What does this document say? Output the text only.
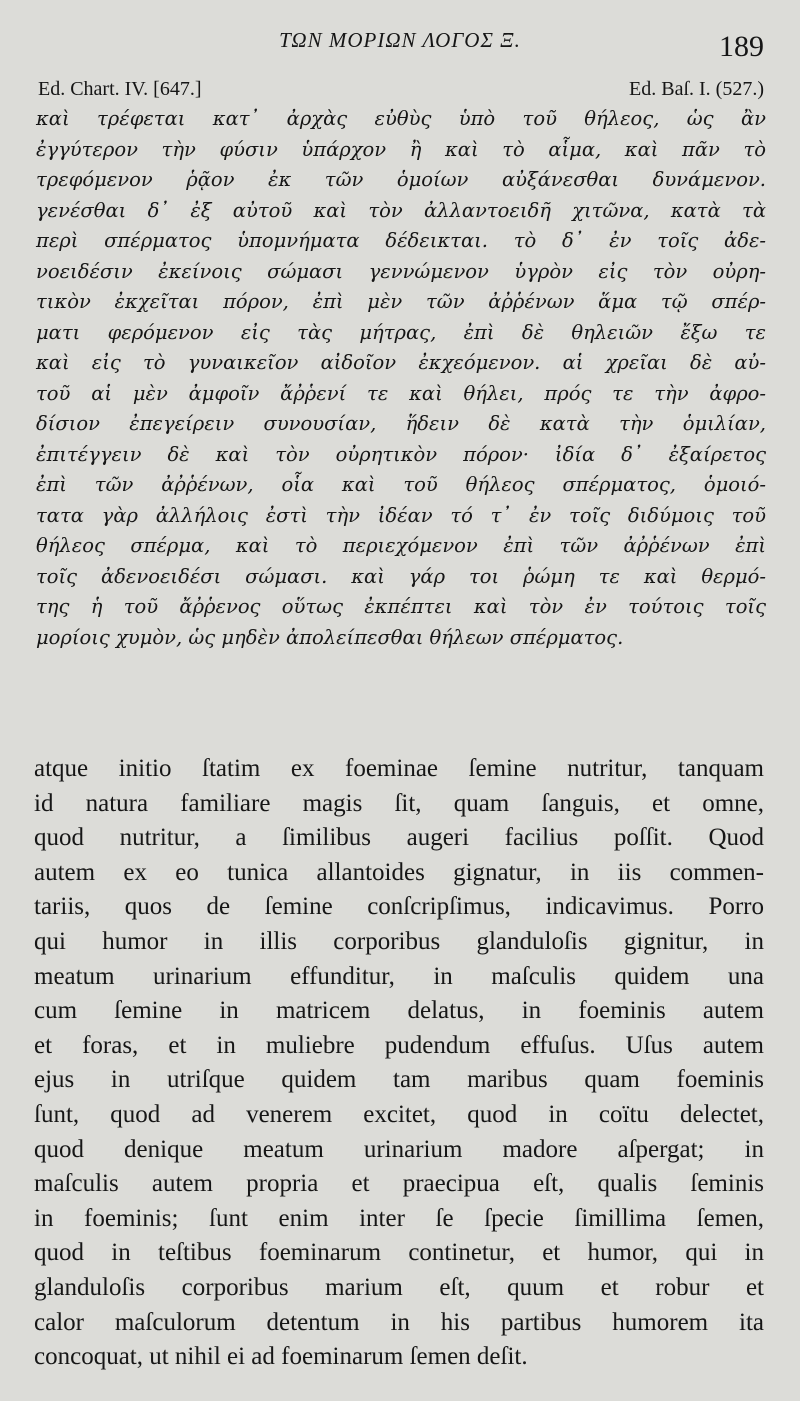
ΤΩΝ ΜΟΡΙΩΝ ΛΟΓΟΣ Ξ.	189
Ed. Chart. IV. [647.]	Ed. Baſ. I. (527.)
καὶ τρέφεται κατ᾽ ἀρχὰς εὐθὺς ὑπὸ τοῦ θήλεος, ὡς ἂν
ἐγγύτερον τὴν φύσιν ὑπάρχον ἢ καὶ τὸ αἷμα, καὶ πᾶν τὸ
τρεφόμενον ῥᾷον ἐκ τῶν ὁμοίων αὐξάνεσθαι δυνάμενον.
γενέσθαι δ᾽ ἐξ αὐτοῦ καὶ τὸν ἀλλαντοειδῆ χιτῶνα, κατὰ τὰ
περὶ σπέρματος ὑπομνήματα δέδεικται. τὸ δ᾽ ἐν τοῖς ἀδε-
νοειδέσιν ἐκείνοις σώμασι γεννώμενον ὑγρὸν εἰς τὸν οὐρη-
τικὸν ἐκχεῖται πόρον, ἐπὶ μὲν τῶν ἀῤῥένων ἅμα τῷ σπέρ-
ματι φερόμενον εἰς τὰς μήτρας, ἐπὶ δὲ θηλειῶν ἔξω τε
καὶ εἰς τὸ γυναικεῖον αἰδοῖον ἐκχεόμενον. αἱ χρεῖαι δὲ αὐ-
τοῦ αἱ μὲν ἀμφοῖν ἄῤῥενί τε καὶ θήλει, πρός τε τὴν ἀφρο-
δίσιον ἐπεγείρειν συνουσίαν, ἥδειν δὲ κατὰ τὴν ὁμιλίαν,
ἐπιτέγγειν δὲ καὶ τὸν οὐρητικὸν πόρον· ἰδία δ᾽ ἐξαίρετος
ἐπὶ τῶν ἀῤῥένων, οἷα καὶ τοῦ θήλεος σπέρματος, ὁμοιό-
τατα γὰρ ἀλλήλοις ἐστὶ τὴν ἰδέαν τό τ᾽ ἐν τοῖς διδύμοις τοῦ
θήλεος σπέρμα, καὶ τὸ περιεχόμενον ἐπὶ τῶν ἀῤῥένων ἐπὶ
τοῖς ἀδενοειδέσι σώμασι. καὶ γάρ τοι ῥώμη τε καὶ θερμό-
της ἡ τοῦ ἄῤῥενος οὕτως ἐκπέπτει καὶ τὸν ἐν τούτοις τοῖς
μορίοις χυμὸν, ὡς μηδὲν ἀπολείπεσθαι θήλεων σπέρματος.
atque initio ſtatim ex foeminae ſemine nutritur, tanquam
id natura familiare magis ſit, quam ſanguis, et omne,
quod nutritur, a ſimilibus augeri facilius poſſit. Quod
autem ex eo tunica allantoides gignatur, in iis commen-
tariis, quos de ſemine conſcripſimus, indicavimus. Porro
qui humor in illis corporibus glanduloſis gignitur, in
meatum urinarium effunditur, in maſculis quidem una
cum ſemine in matricem delatus, in foeminis autem
et foras, et in muliebre pudendum effuſus. Uſus autem
ejus in utriſque quidem tam maribus quam foeminis
ſunt, quod ad venerem excitet, quod in coïtu delectet,
quod denique meatum urinarium madore aſpergat; in
maſculis autem propria et praecipua eſt, qualis ſeminis
in foeminis; ſunt enim inter ſe ſpecie ſimillima ſemen,
quod in teſtibus foeminarum continetur, et humor, qui in
glanduloſis corporibus marium eſt, quum et robur et
calor maſculorum detentum in his partibus humorem ita
concoquat, ut nihil ei ad foeminarum ſemen deſit.
